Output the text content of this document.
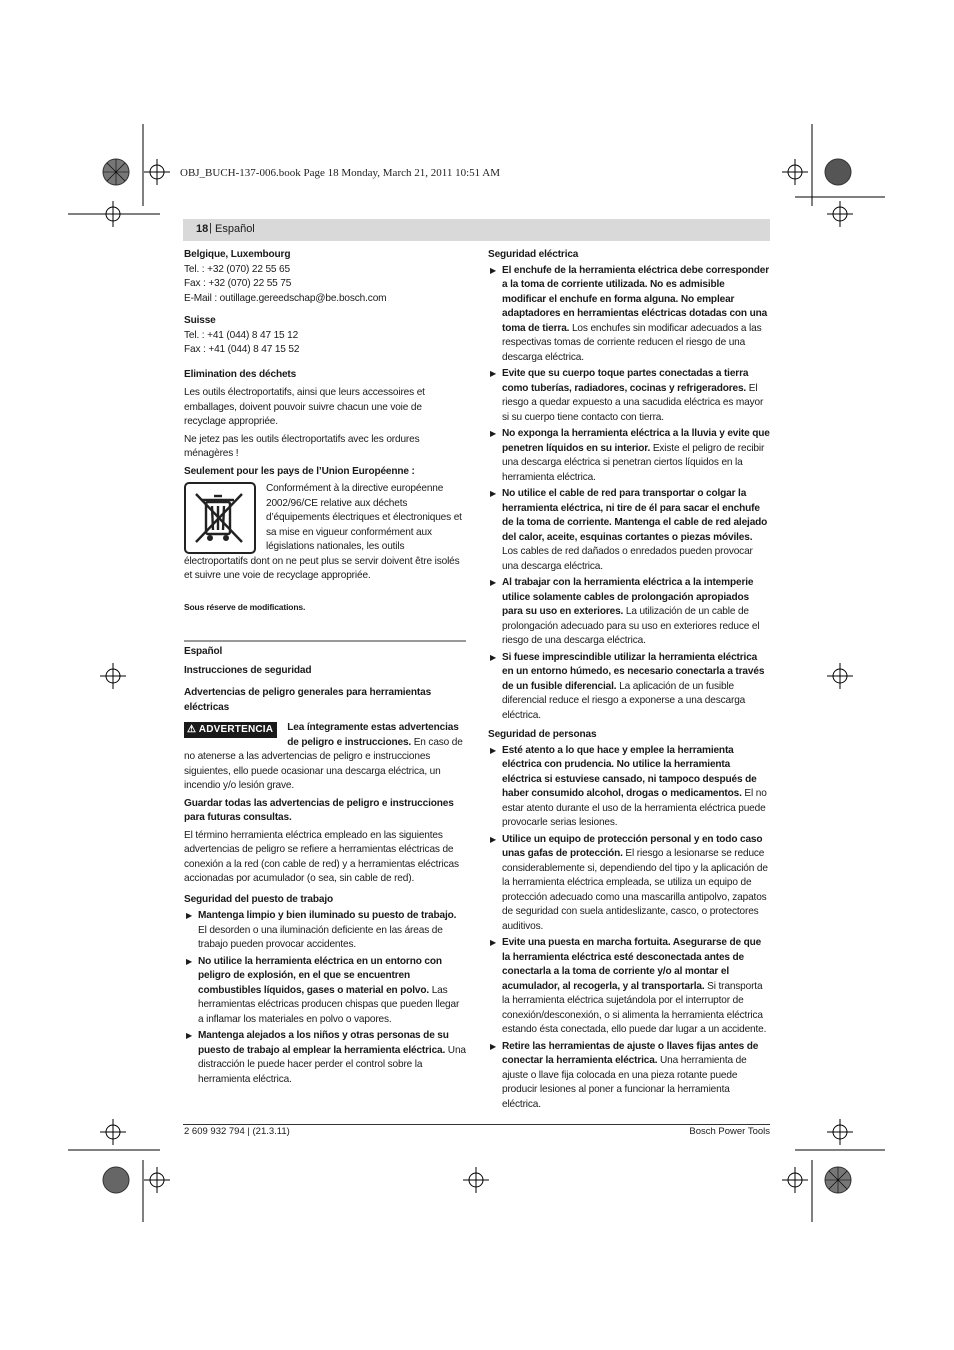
OBJ_BUCH-137-006.book Page 18 Monday, March 21, 2011 10:51 AM
18 | Español

Belgique, Luxembourg

Tel. : +32 (070) 22 55 65

Fax : +32 (070) 22 55 75

E-Mail : outillage.gereedschap@be.bosch.com

Suisse

Tel. : +41 (044) 8 47 15 12

Fax : +41 (044) 8 47 15 52

Elimination des déchets

Les outils électroportatifs, ainsi que leurs accessoires et emballages, doivent pouvoir suivre chacun une voie de recyclage appropriée.

Ne jetez pas les outils électroportatifs avec les ordures ménagères !

Seulement pour les pays de l’Union Européenne :

Conformément à la directive européenne 2002/96/CE relative aux déchets d’équipements électriques et électroniques et sa mise en vigueur conformément aux législations nationales, les outils électroportatifs dont on ne peut plus se servir doivent être isolés et suivre une voie de recyclage appropriée.

Sous réserve de modifications.

Español

Instrucciones de seguridad

Advertencias de peligro generales para herramientas eléctricas

⚠ ADVERTENCIA	Lea íntegramente estas advertencias de peligro e instrucciones. En caso de no atenerse a las advertencias de peligro e instrucciones siguientes, ello puede ocasionar una descarga eléctrica, un incendio y/o lesión grave.

Guardar todas las advertencias de peligro e instrucciones para futuras consultas.

El término herramienta eléctrica empleado en las siguientes advertencias de peligro se refiere a herramientas eléctricas de conexión a la red (con cable de red) y a herramientas eléctricas accionadas por acumulador (o sea, sin cable de red).

Seguridad del puesto de trabajo

▶ Mantenga limpio y bien iluminado su puesto de trabajo. El desorden o una iluminación deficiente en las áreas de trabajo pueden provocar accidentes.

▶ No utilice la herramienta eléctrica en un entorno con peligro de explosión, en el que se encuentren combustibles líquidos, gases o material en polvo. Las herramientas eléctricas producen chispas que pueden llegar a inflamar los materiales en polvo o vapores.

▶ Mantenga alejados a los niños y otras personas de su puesto de trabajo al emplear la herramienta eléctrica. Una distracción le puede hacer perder el control sobre la herramienta eléctrica.

Seguridad eléctrica

▶ El enchufe de la herramienta eléctrica debe corresponder a la toma de corriente utilizada. No es admisible modificar el enchufe en forma alguna. No emplear adaptadores en herramientas eléctricas dotadas con una toma de tierra. Los enchufes sin modificar adecuados a las respectivas tomas de corriente reducen el riesgo de una descarga eléctrica.

▶ Evite que su cuerpo toque partes conectadas a tierra como tuberías, radiadores, cocinas y refrigeradores. El riesgo a quedar expuesto a una sacudida eléctrica es mayor si su cuerpo tiene contacto con tierra.

▶ No exponga la herramienta eléctrica a la lluvia y evite que penetren líquidos en su interior. Existe el peligro de recibir una descarga eléctrica si penetran ciertos líquidos en la herramienta eléctrica.

▶ No utilice el cable de red para transportar o colgar la herramienta eléctrica, ni tire de él para sacar el enchufe de la toma de corriente. Mantenga el cable de red alejado del calor, aceite, esquinas cortantes o piezas móviles. Los cables de red dañados o enredados pueden provocar una descarga eléctrica.

▶ Al trabajar con la herramienta eléctrica a la intemperie utilice solamente cables de prolongación apropiados para su uso en exteriores. La utilización de un cable de prolongación adecuado para su uso en exteriores reduce el riesgo de una descarga eléctrica.

▶ Si fuese imprescindible utilizar la herramienta eléctrica en un entorno húmedo, es necesario conectarla a través de un fusible diferencial. La aplicación de un fusible diferencial reduce el riesgo a exponerse a una descarga eléctrica.

Seguridad de personas

▶ Esté atento a lo que hace y emplee la herramienta eléctrica con prudencia. No utilice la herramienta eléctrica si estuviese cansado, ni tampoco después de haber consumido alcohol, drogas o medicamentos. El no estar atento durante el uso de la herramienta eléctrica puede provocarle serias lesiones.

▶ Utilice un equipo de protección personal y en todo caso unas gafas de protección. El riesgo a lesionarse se reduce considerablemente si, dependiendo del tipo y la aplicación de la herramienta eléctrica empleada, se utiliza un equipo de protección adecuado como una mascarilla antipolvo, zapatos de seguridad con suela antideslizante, casco, o protectores auditivos.

▶ Evite una puesta en marcha fortuita. Asegurarse de que la herramienta eléctrica esté desconectada antes de conectarla a la toma de corriente y/o al montar el acumulador, al recogerla, y al transportarla. Si transporta la herramienta eléctrica sujetándola por el interruptor de conexión/desconexión, o si alimenta la herramienta eléctrica estando ésta conectada, ello puede dar lugar a un accidente.

▶ Retire las herramientas de ajuste o llaves fijas antes de conectar la herramienta eléctrica. Una herramienta de ajuste o llave fija colocada en una pieza rotante puede producir lesiones al poner a funcionar la herramienta eléctrica.

2 609 932 794 | (21.3.11)	Bosch Power Tools
